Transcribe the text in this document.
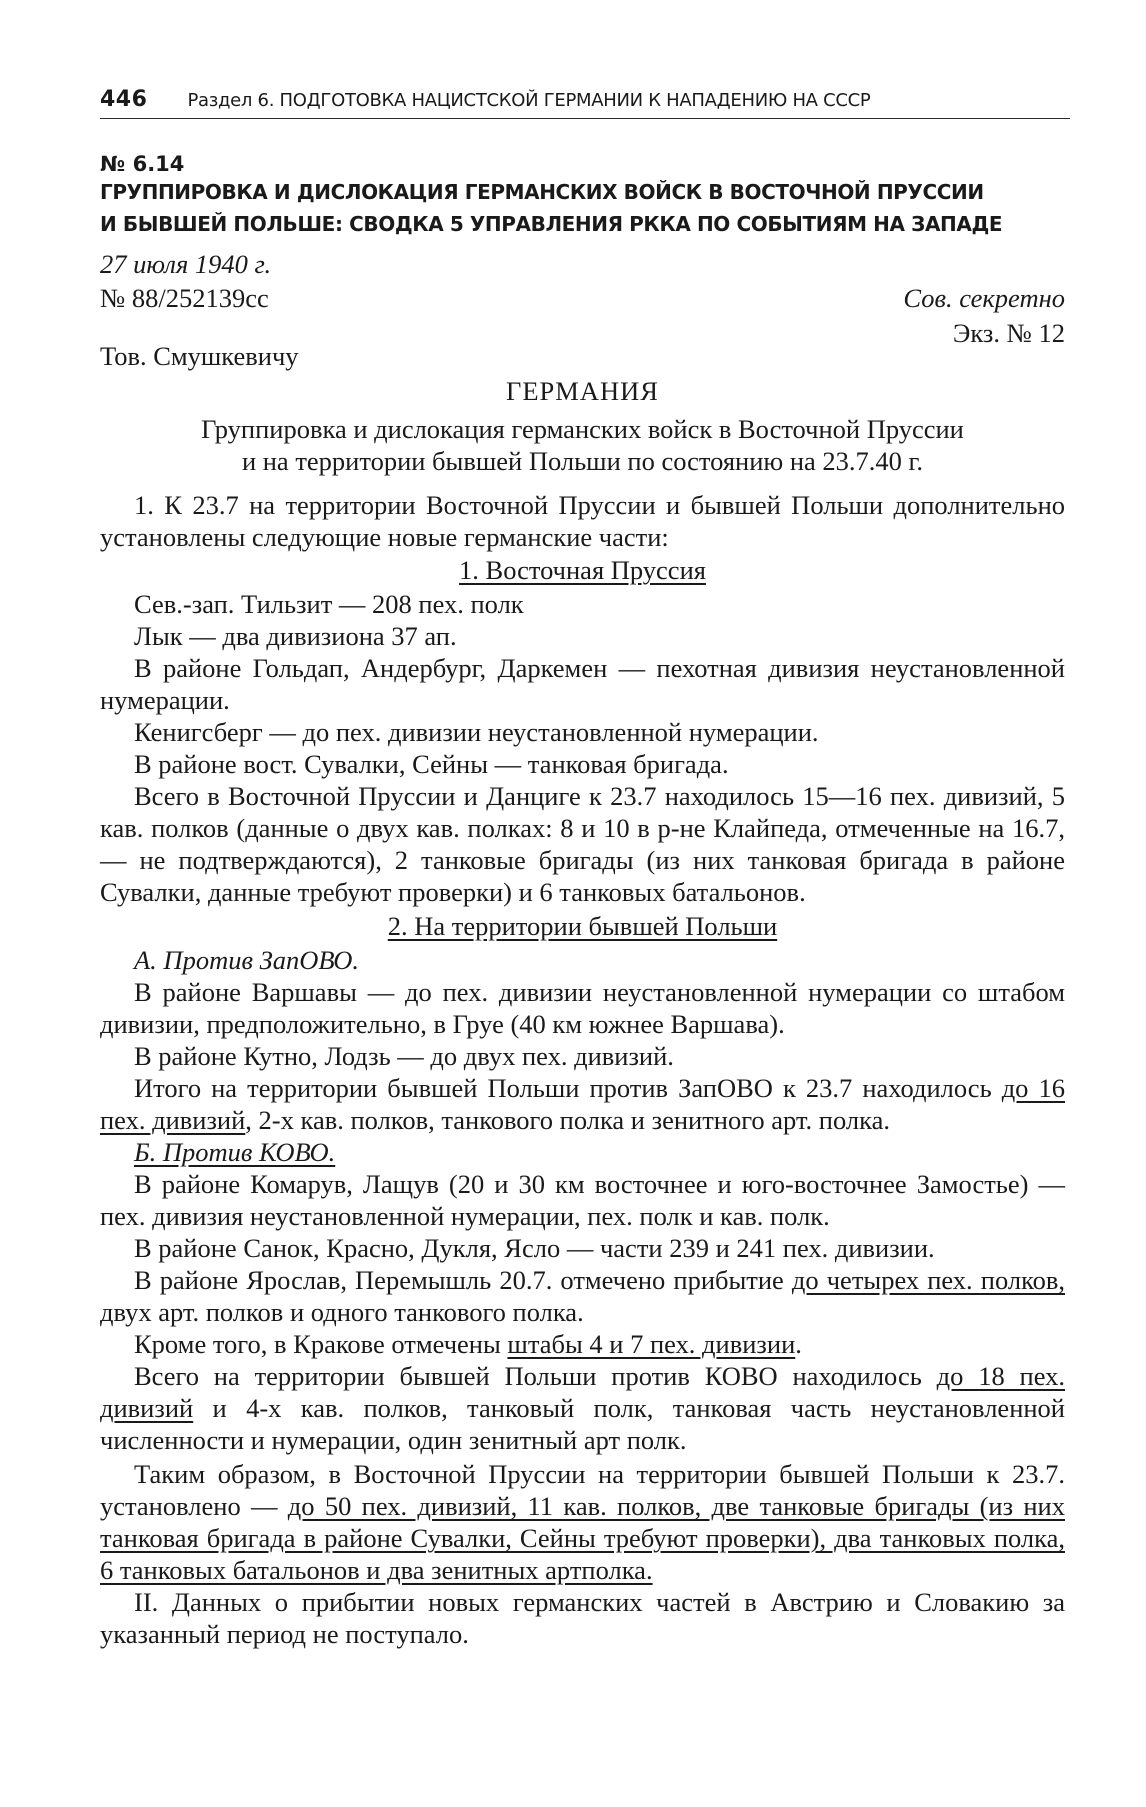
446 Раздел 6. ПОДГОТОВКА НАЦИСТСКОЙ ГЕРМАНИИ К НАПАДЕНИЮ НА СССР
№ 6.14
ГРУППИРОВКА И ДИСЛОКАЦИЯ ГЕРМАНСКИХ ВОЙСК В ВОСТОЧНОЙ ПРУССИИ
И БЫВШЕЙ ПОЛЬШЕ: СВОДКА 5 УПРАВЛЕНИЯ РККА ПО СОБЫТИЯМ НА ЗАПАДЕ
27 июля 1940 г.
№ 88/252139сс	Сов. секретно
Экз. № 12
Тов. Смушкевичу
ГЕРМАНИЯ
Группировка и дислокация германских войск в Восточной Пруссии
и на территории бывшей Польши по состоянию на 23.7.40 г.
1. К 23.7 на территории Восточной Пруссии и бывшей Польши дополнительно установлены следующие новые германские части:
1. Восточная Пруссия
Сев.-зап. Тильзит — 208 пех. полк
Лык — два дивизиона 37 ап.
В районе Гольдап, Андербург, Даркемен — пехотная дивизия неустановленной нумерации.
Кенигсберг — до пех. дивизии неустановленной нумерации.
В районе вост. Сувалки, Сейны — танковая бригада.
Всего в Восточной Пруссии и Данциге к 23.7 находилось 15—16 пех. дивизий, 5 кав. полков (данные о двух кав. полках: 8 и 10 в р-не Клайпеда, отмеченные на 16.7, — не подтверждаются), 2 танковые бригады (из них танковая бригада в районе Сувалки, данные требуют проверки) и 6 танковых батальонов.
2. На территории бывшей Польши
А. Против ЗапОВО.
В районе Варшавы — до пех. дивизии неустановленной нумерации со штабом дивизии, предположительно, в Груе (40 км южнее Варшава).
В районе Кутно, Лодзь — до двух пех. дивизий.
Итого на территории бывшей Польши против ЗапОВО к 23.7 находилось до 16 пех. дивизий, 2-х кав. полков, танкового полка и зенитного арт. полка.
Б. Против КОВО.
В районе Комарув, Лащув (20 и 30 км восточнее и юго-восточнее Замостье) — пех. дивизия неустановленной нумерации, пех. полк и кав. полк.
В районе Санок, Красно, Дукля, Ясло — части 239 и 241 пех. дивизии.
В районе Ярослав, Перемышль 20.7. отмечено прибытие до четырех пех. полков, двух арт. полков и одного танкового полка.
Кроме того, в Кракове отмечены штабы 4 и 7 пех. дивизии.
Всего на территории бывшей Польши против КОВО находилось до 18 пех. дивизий и 4-х кав. полков, танковый полк, танковая часть неустановленной численности и нумерации, один зенитный арт полк.
Таким образом, в Восточной Пруссии на территории бывшей Польши к 23.7. установлено — до 50 пех. дивизий, 11 кав. полков, две танковые бригады (из них танковая бригада в районе Сувалки, Сейны требуют проверки), два танковых полка, 6 танковых батальонов и два зенитных артполка.
II. Данных о прибытии новых германских частей в Австрию и Словакию за указанный период не поступало.
